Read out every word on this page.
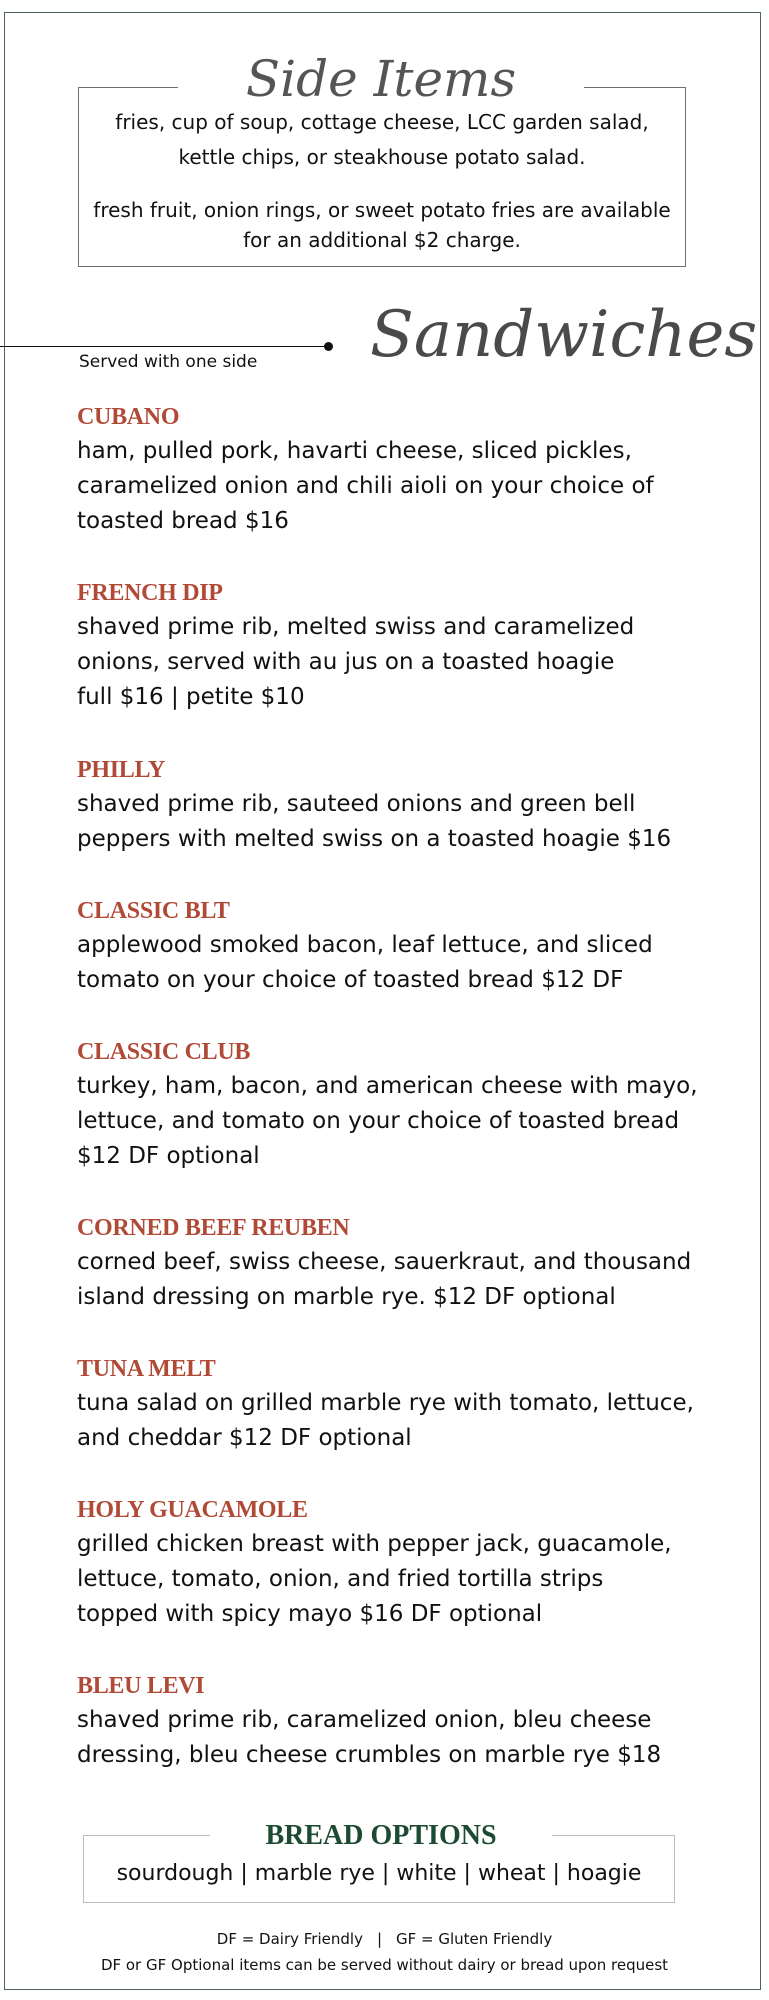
Side Items
fries, cup of soup, cottage cheese, LCC garden salad, kettle chips, or steakhouse potato salad.
fresh fruit, onion rings, or sweet potato fries are available for an additional $2 charge.
Served with one side Sandwiches
CUBANO
ham, pulled pork, havarti cheese, sliced pickles,
caramelized onion and chili aioli on your choice of
toasted bread $16
FRENCH DIP
shaved prime rib, melted swiss and caramelized
onions, served with au jus on a toasted hoagie
full $16 | petite $10
PHILLY
shaved prime rib, sauteed onions and green bell
peppers with melted swiss on a toasted hoagie $16
CLASSIC BLT
applewood smoked bacon, leaf lettuce, and sliced
tomato on your choice of toasted bread $12 DF
CLASSIC CLUB
turkey, ham, bacon, and american cheese with mayo,
lettuce, and tomato on your choice of toasted bread
$12 DF optional
CORNED BEEF REUBEN
corned beef, swiss cheese, sauerkraut, and thousand
island dressing on marble rye. $12 DF optional
TUNA MELT
tuna salad on grilled marble rye with tomato, lettuce,
and cheddar $12 DF optional
HOLY GUACAMOLE
grilled chicken breast with pepper jack, guacamole,
lettuce, tomato, onion, and fried tortilla strips
topped with spicy mayo $16 DF optional
BLEU LEVI
shaved prime rib, caramelized onion, bleu cheese
dressing, bleu cheese crumbles on marble rye $18
BREAD OPTIONS
sourdough | marble rye | white | wheat | hoagie
DF = Dairy Friendly | GF = Gluten Friendly
DF or GF Optional items can be served without dairy or bread upon request
